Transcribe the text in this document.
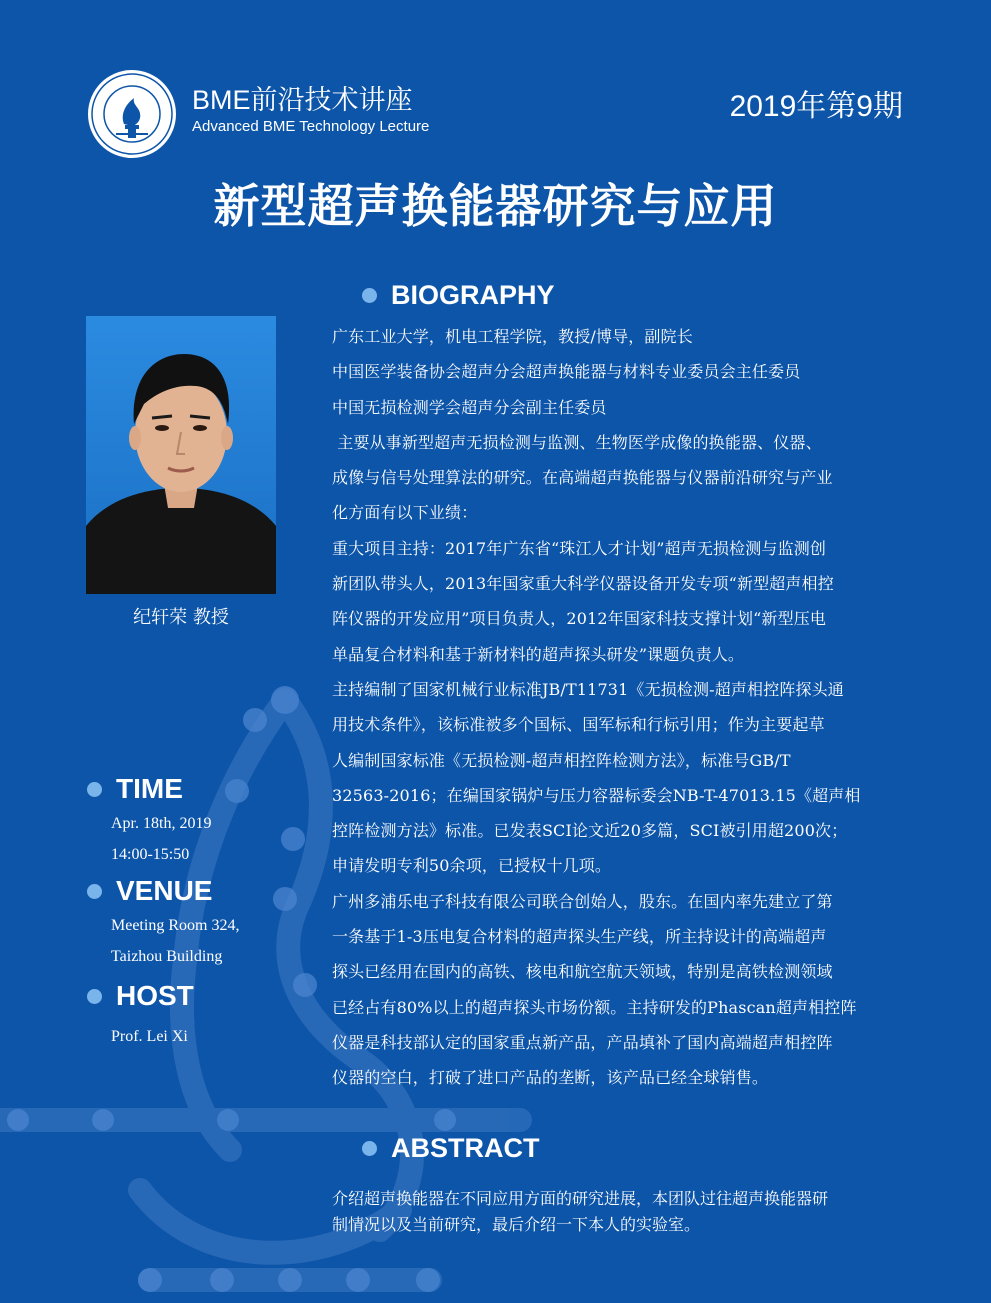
BME前沿技术讲座
Advanced BME Technology Lecture
2019年第9期
新型超声换能器研究与应用
BIOGRAPHY
纪轩荣 教授
TIME
Apr. 18th, 2019
14:00-15:50
VENUE
Meeting Room 324,
Taizhou Building
HOST
Prof. Lei Xi
广东工业大学，机电工程学院，教授/博导，副院长
中国医学装备协会超声分会超声换能器与材料专业委员会主任委员
中国无损检测学会超声分会副主任委员
主要从事新型超声无损检测与监测、生物医学成像的换能器、仪器、
成像与信号处理算法的研究。在高端超声换能器与仪器前沿研究与产业
化方面有以下业绩：
重大项目主持：2017年广东省“珠江人才计划”超声无损检测与监测创
新团队带头人，2013年国家重大科学仪器设备开发专项“新型超声相控
阵仪器的开发应用”项目负责人，2012年国家科技支撑计划“新型压电
单晶复合材料和基于新材料的超声探头研发”课题负责人。
主持编制了国家机械行业标准JB/T11731《无损检测-超声相控阵探头通
用技术条件》，该标准被多个国标、国军标和行标引用；作为主要起草
人编制国家标准《无损检测-超声相控阵检测方法》，标准号GB/T
32563-2016；在编国家锅炉与压力容器标委会NB-T-47013.15《超声相
控阵检测方法》标准。已发表SCI论文近20多篇，SCI被引用超200次；
申请发明专利50余项，已授权十几项。
广州多浦乐电子科技有限公司联合创始人，股东。在国内率先建立了第
一条基于1-3压电复合材料的超声探头生产线，所主持设计的高端超声
探头已经用在国内的高铁、核电和航空航天领域，特别是高铁检测领域
已经占有80%以上的超声探头市场份额。主持研发的Phascan超声相控阵
仪器是科技部认定的国家重点新产品，产品填补了国内高端超声相控阵
仪器的空白，打破了进口产品的垄断，该产品已经全球销售。
ABSTRACT
介绍超声换能器在不同应用方面的研究进展，本团队过往超声换能器研
制情况以及当前研究，最后介绍一下本人的实验室。
